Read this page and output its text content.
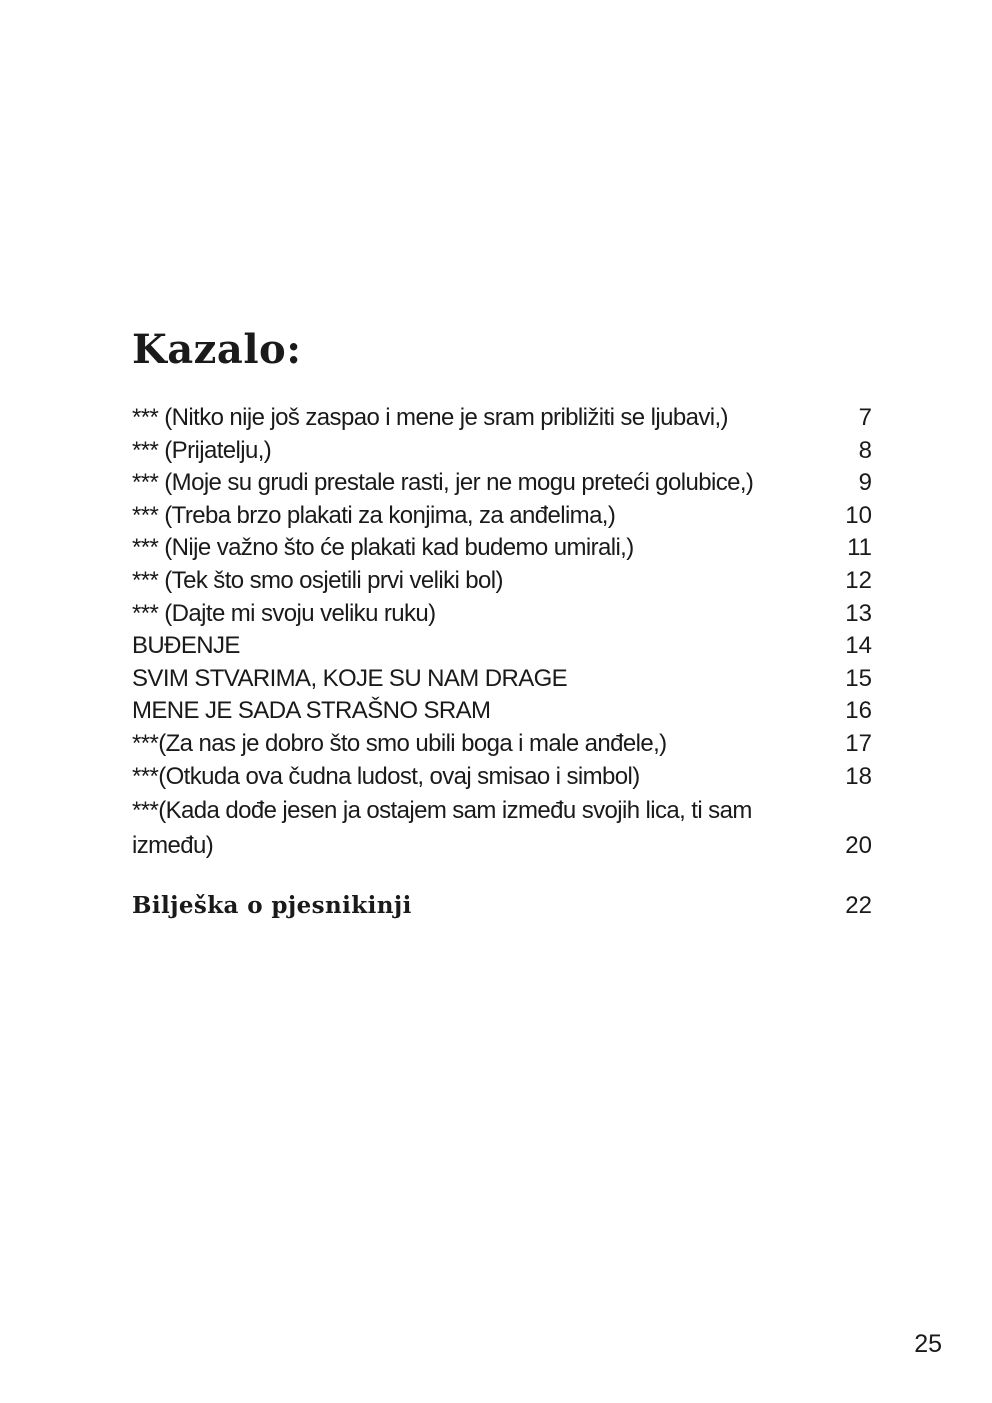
Kazalo:
*** (Nitko nije još zaspao i mene je sram približiti se ljubavi,)	7
*** (Prijatelju,)	8
*** (Moje su grudi prestale rasti, jer ne mogu preteći golubice,)	9
*** (Treba brzo plakati za konjima, za anđelima,)	10
*** (Nije važno što će plakati kad budemo umirali,)	11
*** (Tek što smo osjetili prvi veliki bol)	12
*** (Dajte mi svoju veliku ruku)	13
BUĐENJE	14
SVIM STVARIMA, KOJE SU NAM DRAGE	15
MENE JE SADA STRAŠNO SRAM	16
***(Za nas je dobro što smo ubili boga i male anđele,)	17
***(Otkuda ova čudna ludost, ovaj smisao i simbol)	18
***(Kada dođe jesen ja ostajem sam između svojih lica, ti sam između)	20
Bilješka o pjesnikinji	22
25
